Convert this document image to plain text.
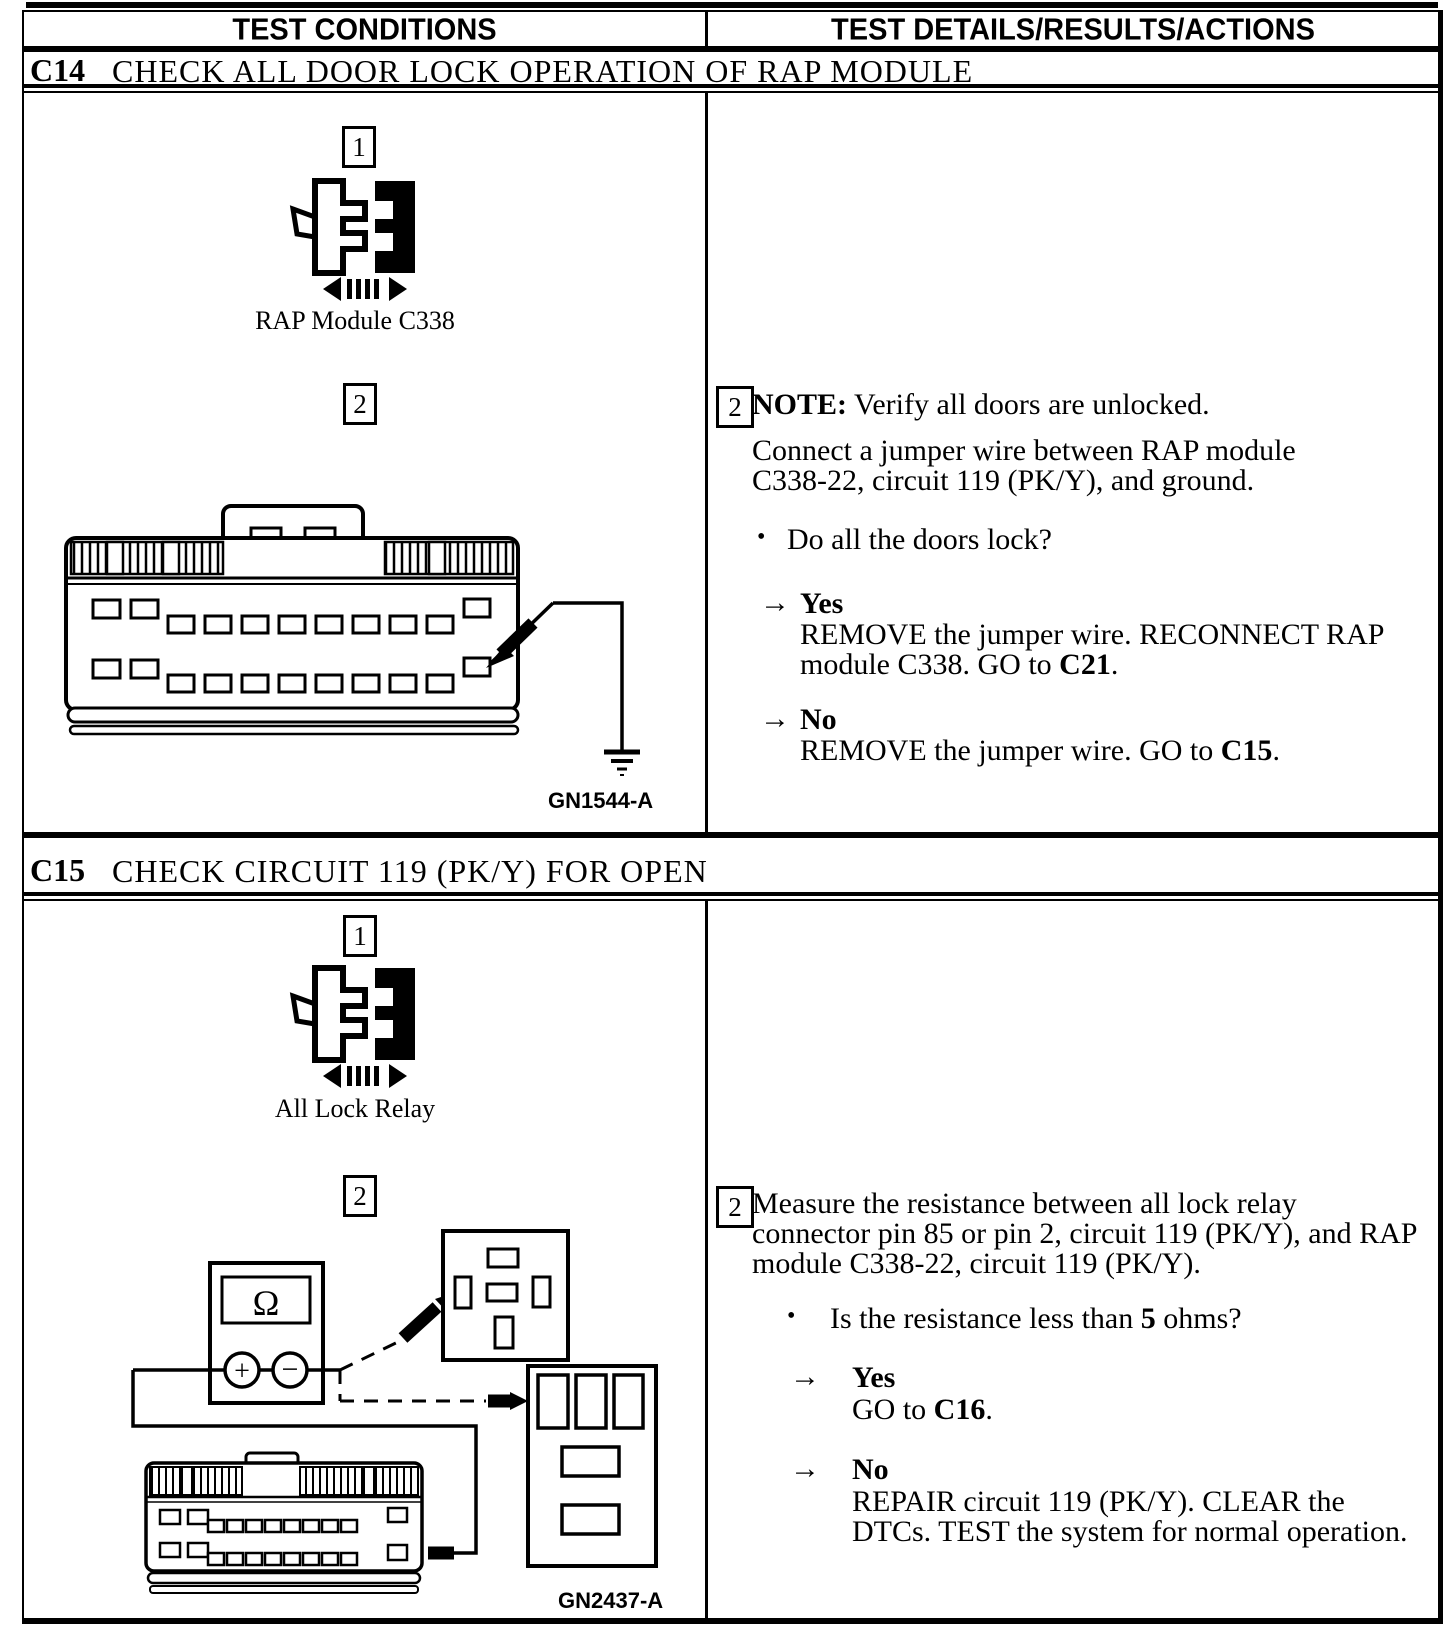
TEST CONDITIONS	TEST DETAILS/RESULTS/ACTIONS
C14 CHECK ALL DOOR LOCK OPERATION OF RAP MODULE
1
RAP Module C338
2
GN1544-A
2 NOTE: Verify all doors are unlocked.
Connect a jumper wire between RAP module C338-22, circuit 119 (PK/Y), and ground.
• Do all the doors lock?
→ Yes
REMOVE the jumper wire. RECONNECT RAP module C338. GO to C21.
→ No
REMOVE the jumper wire. GO to C15.
C15 CHECK CIRCUIT 119 (PK/Y) FOR OPEN
1
All Lock Relay
2
Ω
+ −
GN2437-A
2 Measure the resistance between all lock relay connector pin 85 or pin 2, circuit 119 (PK/Y), and RAP module C338-22, circuit 119 (PK/Y).
• Is the resistance less than 5 ohms?
→ Yes
GO to C16.
→ No
REPAIR circuit 119 (PK/Y). CLEAR the DTCs. TEST the system for normal operation.
